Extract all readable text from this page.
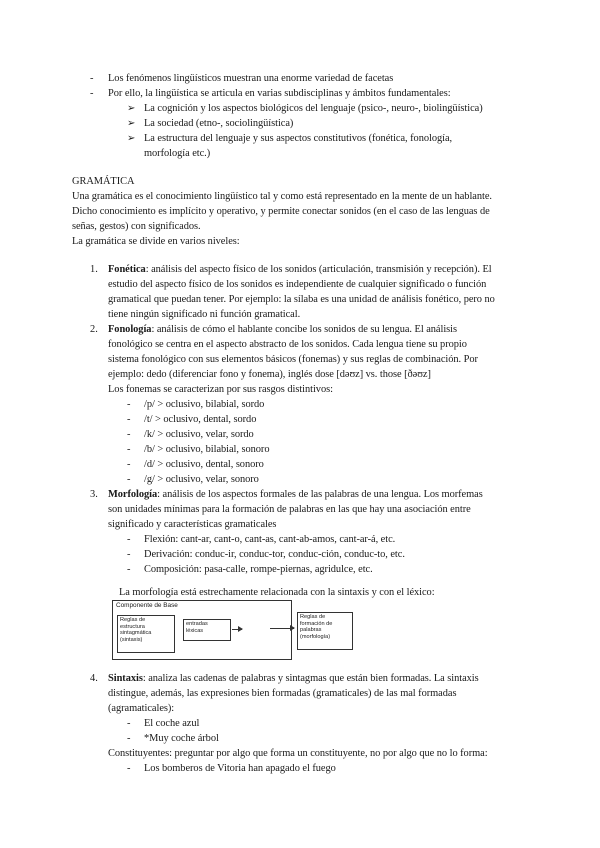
- Los fenómenos lingüísticos muestran una enorme variedad de facetas
- Por ello, la lingüística se articula en varias subdisciplinas y ámbitos fundamentales:
➢ La cognición y los aspectos biológicos del lenguaje (psico-, neuro-, biolingüística)
➢ La sociedad (etno-, sociolingüística)
➢ La estructura del lenguaje y sus aspectos constitutivos (fonética, fonología,
morfología etc.)
GRAMÁTICA
Una gramática es el conocimiento lingüístico tal y como está representado en la mente de un hablante.
Dicho conocimiento es implícito y operativo, y permite conectar sonidos (en el caso de las lenguas de
señas, gestos) con significados.
La gramática se divide en varios niveles:
1. Fonética: análisis del aspecto físico de los sonidos (articulación, transmisión y recepción). El
estudio del aspecto físico de los sonidos es independiente de cualquier significado o función
gramatical que puedan tener. Por ejemplo: la sílaba es una unidad de análisis fonético, pero no
tiene ningún significado ni función gramatical.
2. Fonología: análisis de cómo el hablante concibe los sonidos de su lengua. El análisis
fonológico se centra en el aspecto abstracto de los sonidos. Cada lengua tiene su propio
sistema fonológico con sus elementos básicos (fonemas) y sus reglas de combinación. Por
ejemplo: dedo (diferenciar fono y fonema), inglés dose [dəʊz] vs. those [ðəʊz]
Los fonemas se caracterizan por sus rasgos distintivos:
- /p/ > oclusivo, bilabial, sordo
- /t/ > oclusivo, dental, sordo
- /k/ > oclusivo, velar, sordo
- /b/ > oclusivo, bilabial, sonoro
- /d/ > oclusivo, dental, sonoro
- /g/ > oclusivo, velar, sonoro
3. Morfología: análisis de los aspectos formales de las palabras de una lengua. Los morfemas
son unidades mínimas para la formación de palabras en las que hay una asociación entre
significado y características gramaticales
- Flexión: cant-ar, cant-o, cant-as, cant-ab-amos, cant-ar-á, etc.
- Derivación: conduc-ir, conduc-tor, conduc-ción, conduc-to, etc.
- Composición: pasa-calle, rompe-piernas, agridulce, etc.
La morfología está estrechamente relacionada con la sintaxis y con el léxico:
Componente de Base
Reglas de
estructura
sintagmática
(sintaxis)
entradas
léxicas
Reglas de
formación de
palabras
(morfología)
4. Sintaxis: analiza las cadenas de palabras y sintagmas que están bien formadas. La sintaxis
distingue, además, las expresiones bien formadas (gramaticales) de las mal formadas
(agramaticales):
- El coche azul
- *Muy coche árbol
Constituyentes: preguntar por algo que forma un constituyente, no por algo que no lo forma:
- Los bomberos de Vitoria han apagado el fuego
